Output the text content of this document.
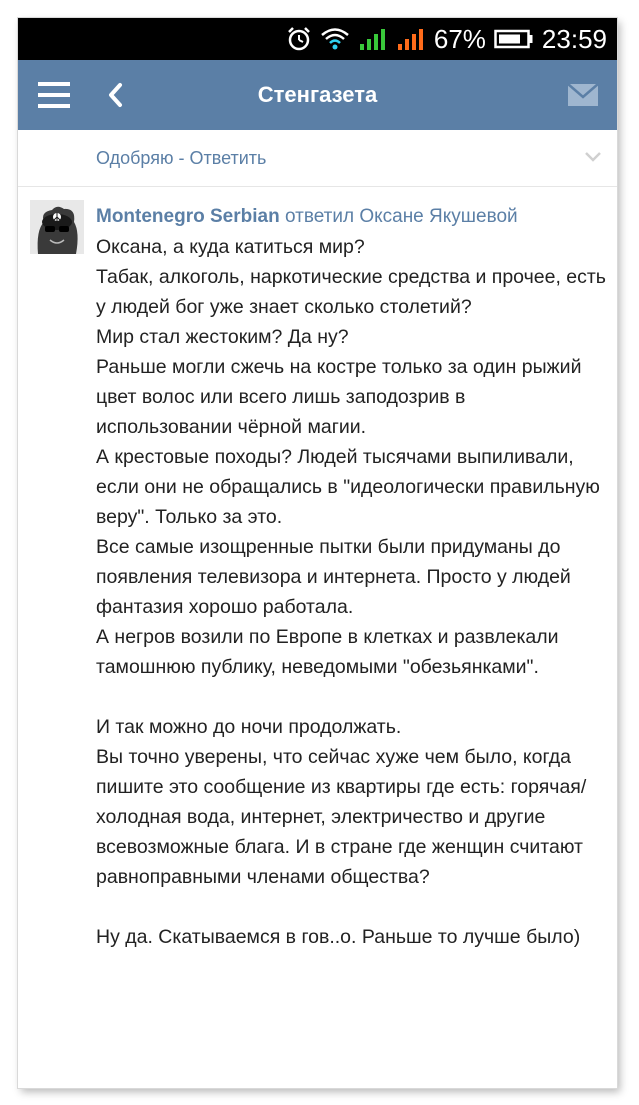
67% 23:59
Стенгазета
Одобряю - Ответить
Montenegro Serbian ответил Оксане Якушевой
Оксана, а куда катиться мир?
Табак, алкоголь, наркотические средства и прочее, есть у людей бог уже знает сколько столетий?
Мир стал жестоким? Да ну?
Раньше могли сжечь на костре только за один рыжий цвет волос или всего лишь заподозрив в использовании чёрной магии.
А крестовые походы? Людей тысячами выпиливали, если они не обращались в "идеологически правильную веру". Только за это.
Все самые изощренные пытки были придуманы до появления телевизора и интернета. Просто у людей фантазия хорошо работала.
А негров возили по Европе в клетках и развлекали тамошнюю публику, неведомыми "обезьянками".

И так можно до ночи продолжать.
Вы точно уверены, что сейчас хуже чем было, когда пишите это сообщение из квартиры где есть: горячая/холодная вода, интернет, электричество и другие всевозможные блага. И в стране где женщин считают равноправными членами общества?

Ну да. Скатываемся в гов..о. Раньше то лучше было)
